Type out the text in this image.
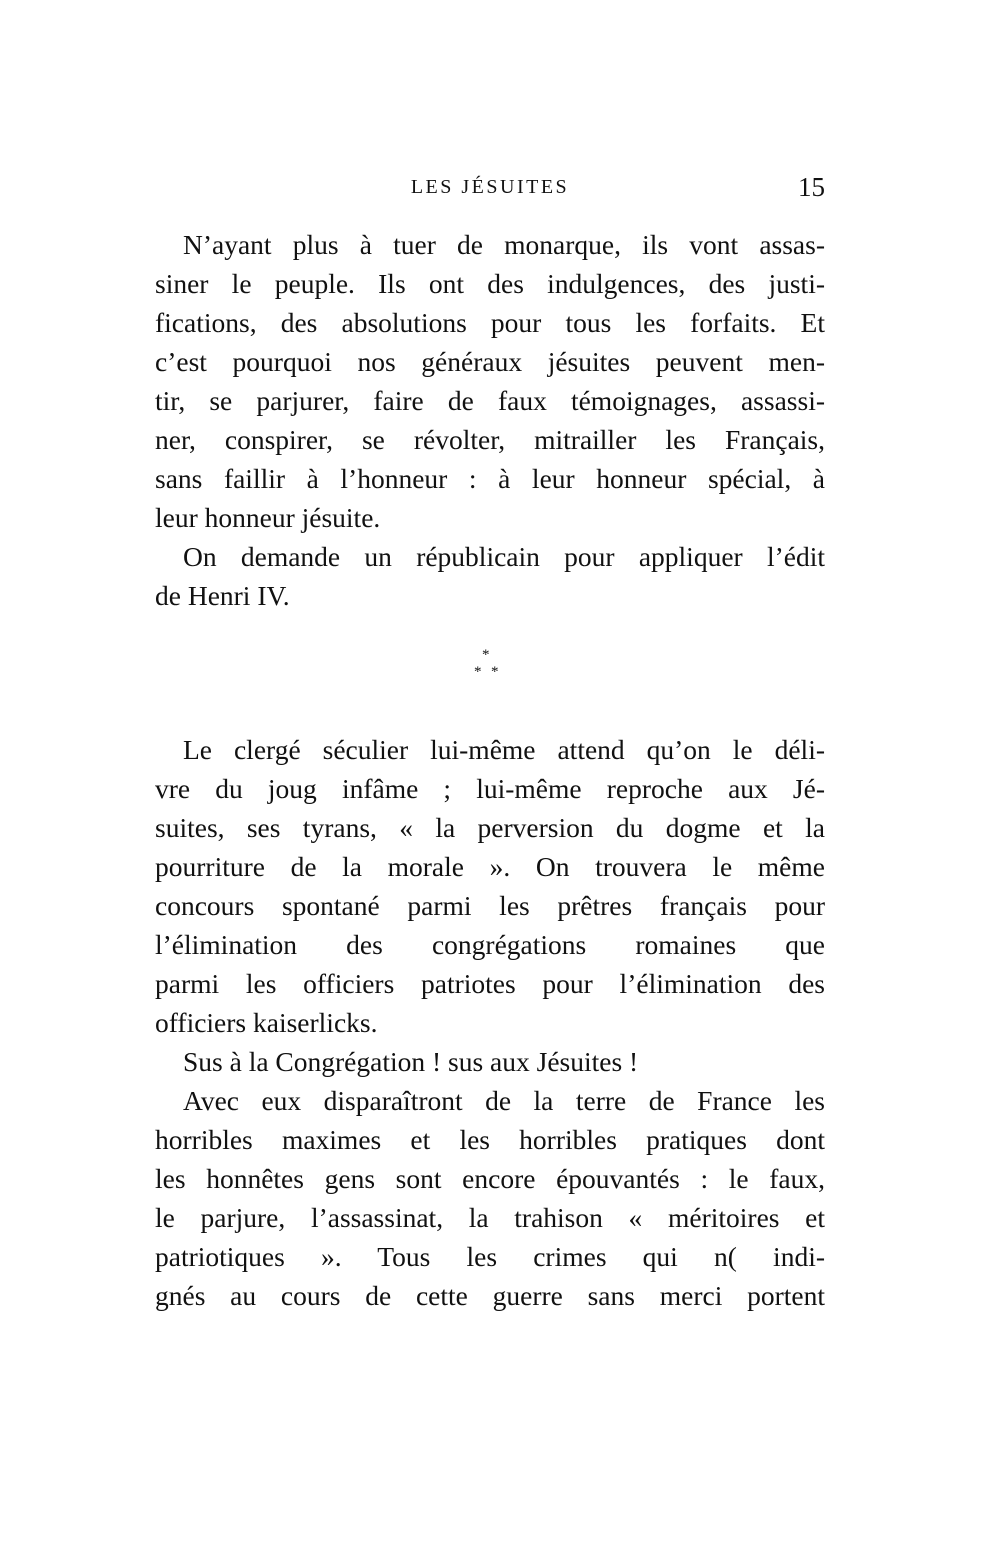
LES JÉSUITES	15
N’ayant plus à tuer de monarque, ils vont assas-
siner le peuple. Ils ont des indulgences, des justi-
fications, des absolutions pour tous les forfaits. Et
c’est pourquoi nos généraux jésuites peuvent men-
tir, se parjurer, faire de faux témoignages, assassi-
ner, conspirer, se révolter, mitrailler les Français,
sans faillir à l’honneur : à leur honneur spécial, à
leur honneur jésuite.
On demande un républicain pour appliquer l’édit
de Henri IV.
*
* *
Le clergé séculier lui-même attend qu’on le déli-
vre du joug infâme ; lui-même reproche aux Jé-
suites, ses tyrans, « la perversion du dogme et la
pourriture de la morale ». On trouvera le même
concours spontané parmi les prêtres français pour
l’élimination des congrégations romaines que
parmi les officiers patriotes pour l’élimination des
officiers kaiserlicks.
Sus à la Congrégation ! sus aux Jésuites !
Avec eux disparaîtront de la terre de France les
horribles maximes et les horribles pratiques dont
les honnêtes gens sont encore épouvantés : le faux,
le parjure, l’assassinat, la trahison « méritoires et
patriotiques ». Tous les crimes qui n( indi-
gnés au cours de cette guerre sans merci portent
